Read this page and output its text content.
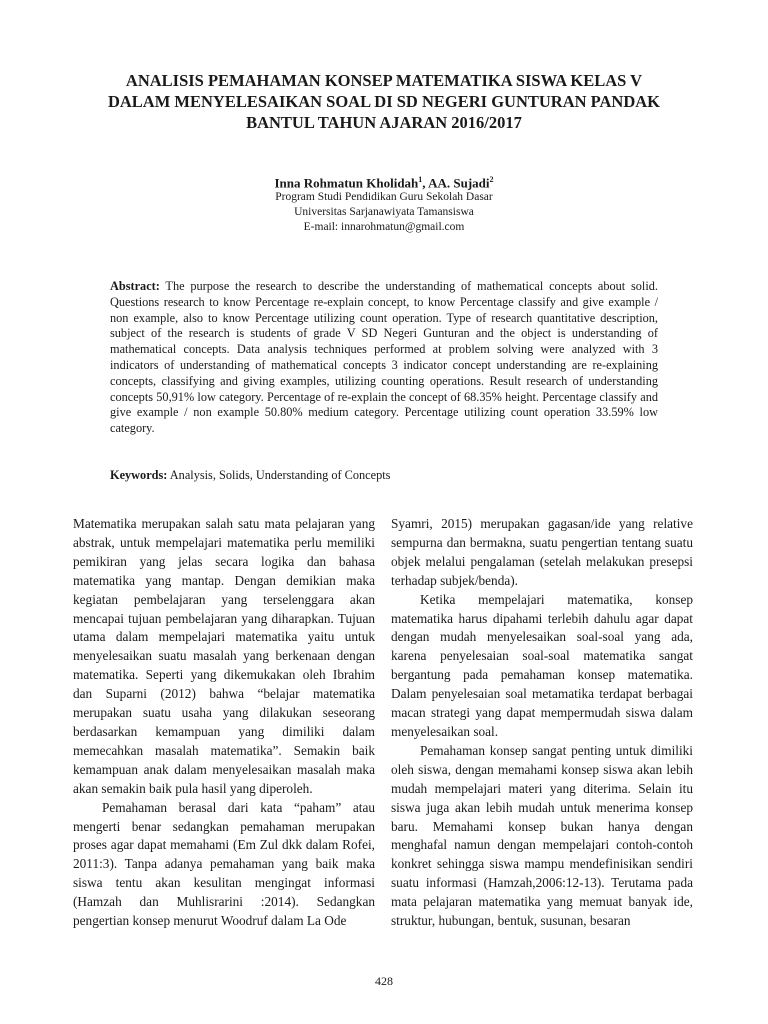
ANALISIS PEMAHAMAN KONSEP MATEMATIKA SISWA KELAS V
DALAM MENYELESAIKAN SOAL DI SD NEGERI GUNTURAN PANDAK
BANTUL TAHUN AJARAN 2016/2017
Inna Rohmatun Kholidah$^1$, AA. Sujadi$^2$
Program Studi Pendidikan Guru Sekolah Dasar
Universitas Sarjanawiyata Tamansiswa
E-mail: innarohmatun@gmail.com

Abstract: The purpose the research to describe the understanding of mathematical concepts about solid. Questions research to know Percentage re-explain concept, to know Percentage classify and give example / non example, also to know Percentage utilizing count operation. Type of research quantitative description, subject of the research is students of grade V SD Negeri Gunturan and the object is understanding of mathematical concepts. Data analysis techniques performed at problem solving were analyzed with 3 indicators of understanding of mathematical concepts 3 indicator concept understanding are re-explaining concepts, classifying and giving examples, utilizing counting operations. Result research of understanding concepts 50,91% low category. Percentage of re-explain the concept of 68.35% height. Percentage classify and give example / non example 50.80% medium category. Percentage utilizing count operation 33.59% low category.

Keywords: Analysis, Solids, Understanding of Concepts

Matematika merupakan salah satu mata pelajaran yang abstrak, untuk mempelajari matematika perlu memiliki pemikiran yang jelas secara logika dan bahasa matematika yang mantap. Dengan demikian maka kegiatan pembelajaran yang terselenggara akan mencapai tujuan pembelajaran yang diharapkan. Tujuan utama dalam mempelajari matematika yaitu untuk menyelesaikan suatu masalah yang berkenaan dengan matematika. Seperti yang dikemukakan oleh Ibrahim dan Suparni (2012) bahwa “belajar matematika merupakan suatu usaha yang dilakukan seseorang berdasarkan kemampuan yang dimiliki dalam memecahkan masalah matematika”. Semakin baik kemampuan anak dalam menyelesaikan masalah maka akan semakin baik pula hasil yang diperoleh.

Pemahaman berasal dari kata “paham” atau mengerti benar sedangkan pemahaman merupakan proses agar dapat memahami (Em Zul dkk dalam Rofei, 2011:3). Tanpa adanya pemahaman yang baik maka siswa tentu akan kesulitan mengingat informasi (Hamzah dan Muhlisrarini :2014). Sedangkan pengertian konsep menurut Woodruf dalam La Ode

Syamri, 2015) merupakan gagasan/ide yang relative sempurna dan bermakna, suatu pengertian tentang suatu objek melalui pengalaman (setelah melakukan presepsi terhadap subjek/benda).

Ketika mempelajari matematika, konsep matematika harus dipahami terlebih dahulu agar dapat dengan mudah menyelesaikan soal-soal yang ada, karena penyelesaian soal-soal matematika sangat bergantung pada pemahaman konsep matematika. Dalam penyelesaian soal metamatika terdapat berbagai macan strategi yang dapat mempermudah siswa dalam menyelesaikan soal.

Pemahaman konsep sangat penting untuk dimiliki oleh siswa, dengan memahami konsep siswa akan lebih mudah mempelajari materi yang diterima. Selain itu siswa juga akan lebih mudah untuk menerima konsep baru. Memahami konsep bukan hanya dengan menghafal namun dengan mempelajari contoh-contoh konkret sehingga siswa mampu mendefinisikan sendiri suatu informasi (Hamzah,2006:12-13). Terutama pada mata pelajaran matematika yang memuat banyak ide, struktur, hubungan, bentuk, susunan, besaran

428
